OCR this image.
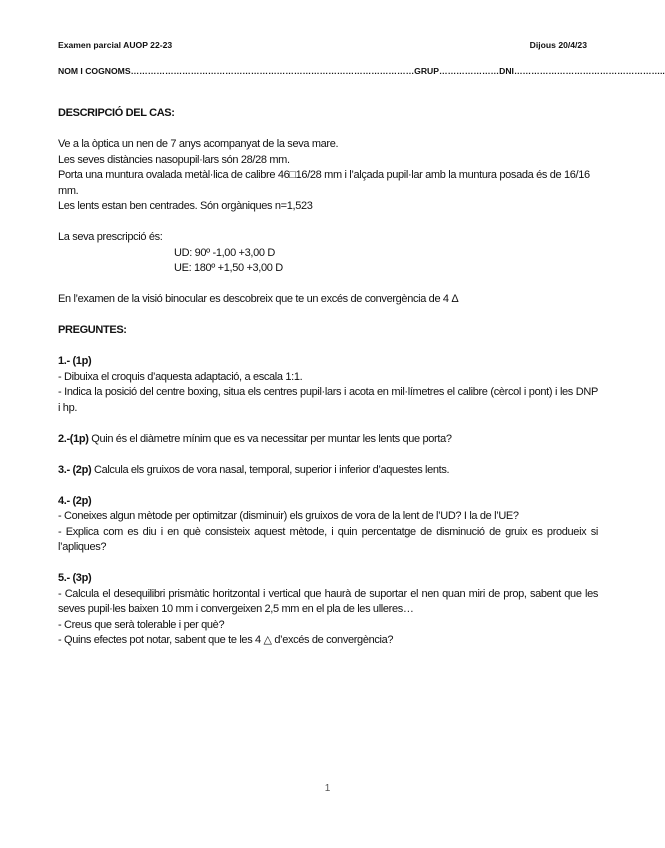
Examen parcial AUOP 22-23	Dijous 20/4/23
NOM I COGNOMS………………………………………………………………………………………GRUP…………………DNI……………………………………………..

DESCRIPCIÓ DEL CAS:

Ve a la òptica un nen de 7 anys acompanyat de la seva mare.

Les seves distàncies nasopupil·lars són 28/28 mm.

Porta una muntura ovalada metàl·lica de calibre 46□16/28 mm i l’alçada pupil·lar amb la muntura posada és de 16/16 mm.

Les lents estan ben centrades. Són orgàniques n=1,523

La seva prescripció és:

UD: 90º -1,00 +3,00 D

UE: 180º +1,50 +3,00 D

En l’examen de la visió binocular es descobreix que te un excés de convergència de 4 Δ

PREGUNTES:

1.- (1p)

- Dibuixa el croquis d’aquesta adaptació, a escala 1:1.

- Indica la posició del centre boxing, situa els centres pupil·lars i acota en mil·límetres el calibre (cèrcol i pont) i les DNP i hp.

2.-(1p) Quin és el diàmetre mínim que es va necessitar per muntar les lents que porta?

3.- (2p) Calcula els gruixos de vora nasal, temporal, superior i inferior d’aquestes lents.

4.- (2p)

- Coneixes algun mètode per optimitzar (disminuir) els gruixos de vora de la lent de l’UD? I la de l’UE?

- Explica com es diu i en què consisteix aquest mètode, i quin percentatge de disminució de gruix es produeix si l’apliques?

5.- (3p)

- Calcula el desequilibri prismàtic horitzontal i vertical que haurà de suportar el nen quan miri de prop, sabent que les seves pupil·les baixen 10 mm i convergeixen 2,5 mm en el pla de les ulleres…

- Creus que serà tolerable i per què?

- Quins efectes pot notar, sabent que te les 4 △ d’excés de convergència?

1
